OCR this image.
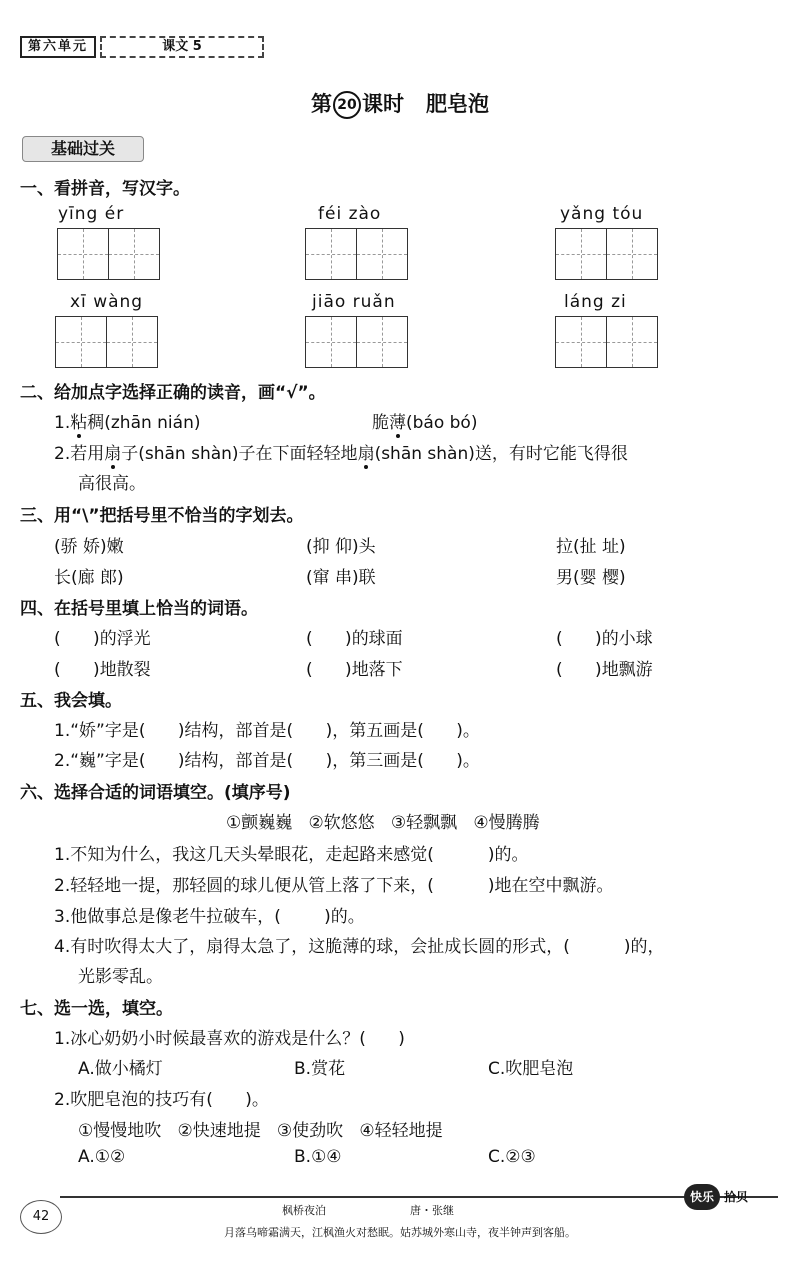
第六单元	课文 5
第 20 课时 肥皂泡
基础过关
一、看拼音，写汉字。
yīng ér	féi zào	yǎng tóu
xī wàng	jiāo ruǎn	láng zi
二、给加点字选择正确的读音，画“√”。
1.粘稠(zhān nián)	脆薄(báo bó)
2.若用扇子(shān shàn)子在下面轻轻地扇(shān shàn)送，有时它能飞得很
高很高。
三、用“\”把括号里不恰当的字划去。
(骄 娇)嫩	(抑 仰)头	拉(扯 址)
长(廊 郎)	(窜 串)联	男(婴 樱)
四、在括号里填上恰当的词语。
(      )的浮光	(      )的球面	(      )的小球
(      )地散裂	(      )地落下	(      )地飘游
五、我会填。
1.“娇”字是(      )结构，部首是(      )，第五画是(      )。
2.“巍”字是(      )结构，部首是(      )，第三画是(      )。
六、选择合适的词语填空。(填序号)
①颤巍巍   ②软悠悠   ③轻飘飘   ④慢腾腾
1.不知为什么，我这几天头晕眼花，走起路来感觉(          )的。
2.轻轻地一提，那轻圆的球儿便从管上落了下来，(          )地在空中飘游。
3.他做事总是像老牛拉破车，(        )的。
4.有时吹得太大了，扇得太急了，这脆薄的球，会扯成长圆的形式，(          )的，
光影零乱。
七、选一选，填空。
1.冰心奶奶小时候最喜欢的游戏是什么？(      )
A.做小橘灯	B.赏花	C.吹肥皂泡
2.吹肥皂泡的技巧有(      )。
①慢慢地吹   ②快速地提   ③使劲吹   ④轻轻地提
A.①②	B.①④	C.②③
42
快乐 拾贝
枫桥夜泊	唐・张继
月落乌啼霜满天，江枫渔火对愁眠。姑苏城外寒山寺，夜半钟声到客船。
